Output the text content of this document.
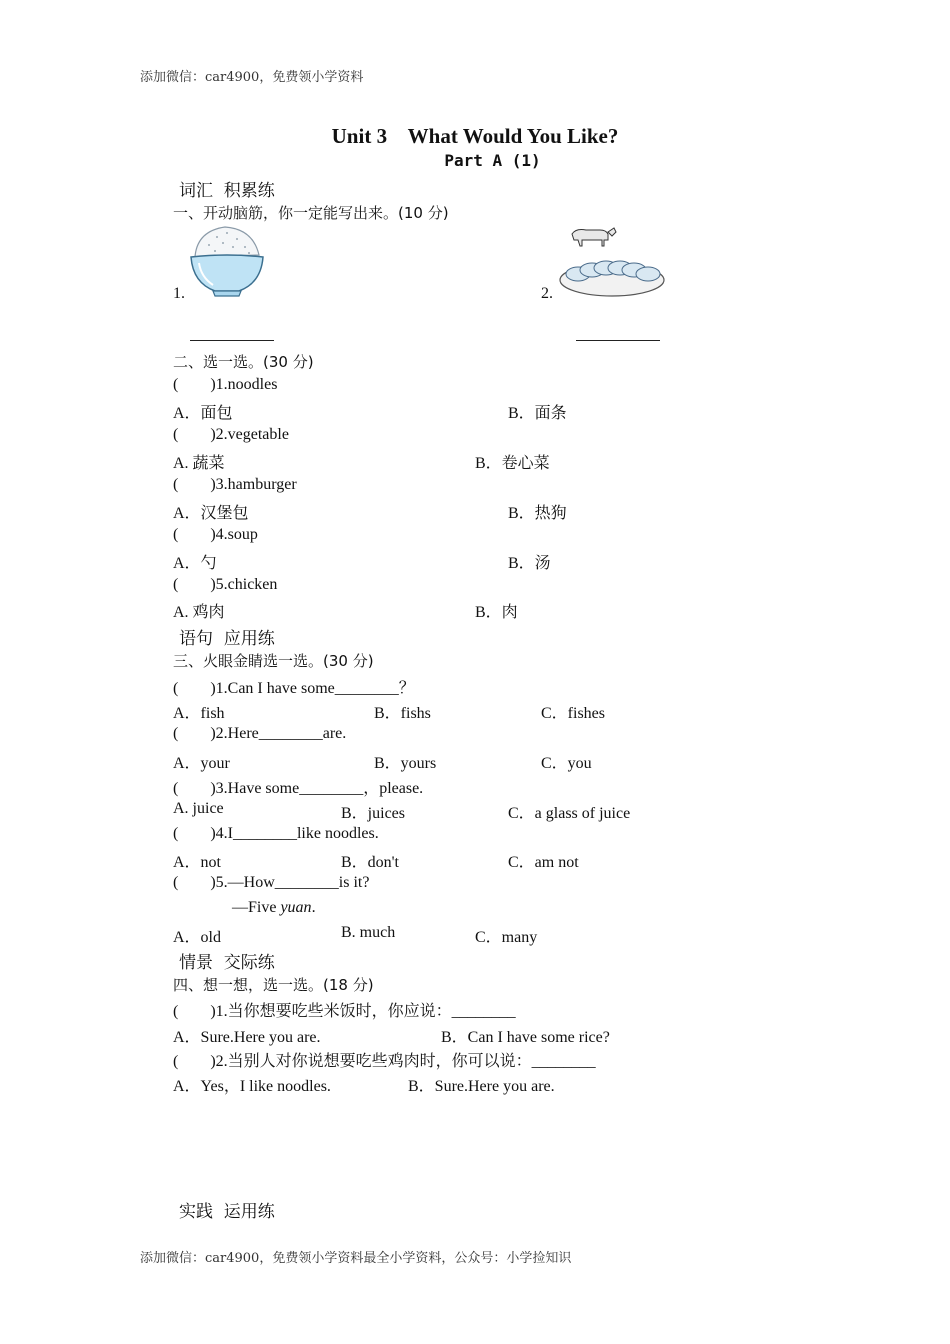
添加微信：car4900，免费领小学资料
添加微信：car4900，免费领小学资料最全小学资料，公众号：小学捡知识
Unit 3    What Would You Like?
Part A (1)
词汇  积累练
一、开动脑筋，你一定能写出来。(10 分)
1.	2.
二、选一选。(30 分)
(        )1.noodles
A．面包	B．面条
(        )2.vegetable
A. 蔬菜	B．卷心菜
(        )3.hamburger
A．汉堡包	B．热狗
(        )4.soup
A．勺	B．汤
(        )5.chicken
A. 鸡肉	B．肉
语句  应用练
三、火眼金睛选一选。(30 分)
(        )1.Can I have some________？
A．fish	B．fishs	C．fishes
(        )2.Here________are.
A．your	B．yours	C．you
(        )3.Have some________，please.
A. juice	B．juices	C．a glass of juice
(        )4.I________like noodles.
A．not	B．don't	C．am not
(        )5.—How________is it?
—Five yuan.
A．old	B. much	C．many
情景  交际练
四、想一想，选一选。(18 分)
(        )1.当你想要吃些米饭时，你应说：________
A．Sure.Here you are.	B．Can I have some rice?
(        )2.当别人对你说想要吃些鸡肉时，你可以说：________
A．Yes，I like noodles.	B．Sure.Here you are.
实践  运用练
